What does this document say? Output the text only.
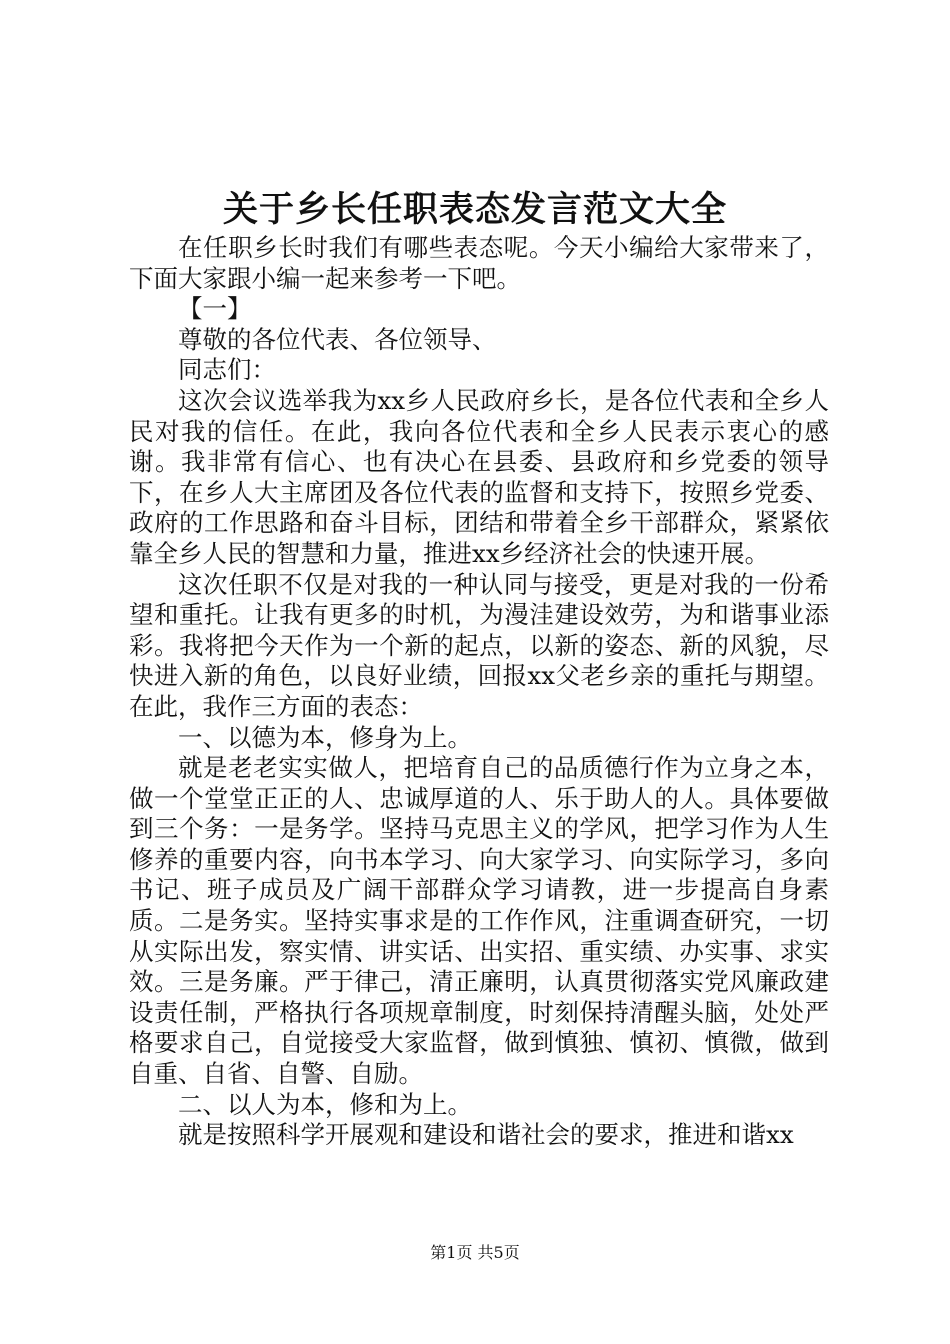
关于乡长任职表态发言范文大全

在任职乡长时我们有哪些表态呢。今天小编给大家带来了，下面大家跟小编一起来参考一下吧。

【一】

尊敬的各位代表、各位领导、

同志们：

这次会议选举我为xx乡人民政府乡长，是各位代表和全乡人民对我的信任。在此，我向各位代表和全乡人民表示衷心的感谢。我非常有信心、也有决心在县委、县政府和乡党委的领导下，在乡人大主席团及各位代表的监督和支持下，按照乡党委、政府的工作思路和奋斗目标，团结和带着全乡干部群众，紧紧依靠全乡人民的智慧和力量，推进xx乡经济社会的快速开展。

这次任职不仅是对我的一种认同与接受，更是对我的一份希望和重托。让我有更多的时机，为漫洼建设效劳，为和谐事业添彩。我将把今天作为一个新的起点，以新的姿态、新的风貌，尽快进入新的角色，以良好业绩，回报xx父老乡亲的重托与期望。在此，我作三方面的表态：

一、以德为本，修身为上。

就是老老实实做人，把培育自己的品质德行作为立身之本，做一个堂堂正正的人、忠诚厚道的人、乐于助人的人。具体要做到三个务：一是务学。坚持马克思主义的学风，把学习作为人生修养的重要内容，向书本学习、向大家学习、向实际学习，多向书记、班子成员及广阔干部群众学习请教，进一步提高自身素质。二是务实。坚持实事求是的工作作风，注重调查研究，一切从实际出发，察实情、讲实话、出实招、重实绩、办实事、求实效。三是务廉。严于律己，清正廉明，认真贯彻落实党风廉政建设责任制，严格执行各项规章制度，时刻保持清醒头脑，处处严格要求自己，自觉接受大家监督，做到慎独、慎初、慎微，做到自重、自省、自警、自励。

二、以人为本，修和为上。

就是按照科学开展观和建设和谐社会的要求，推进和谐xx

第1页 共5页
